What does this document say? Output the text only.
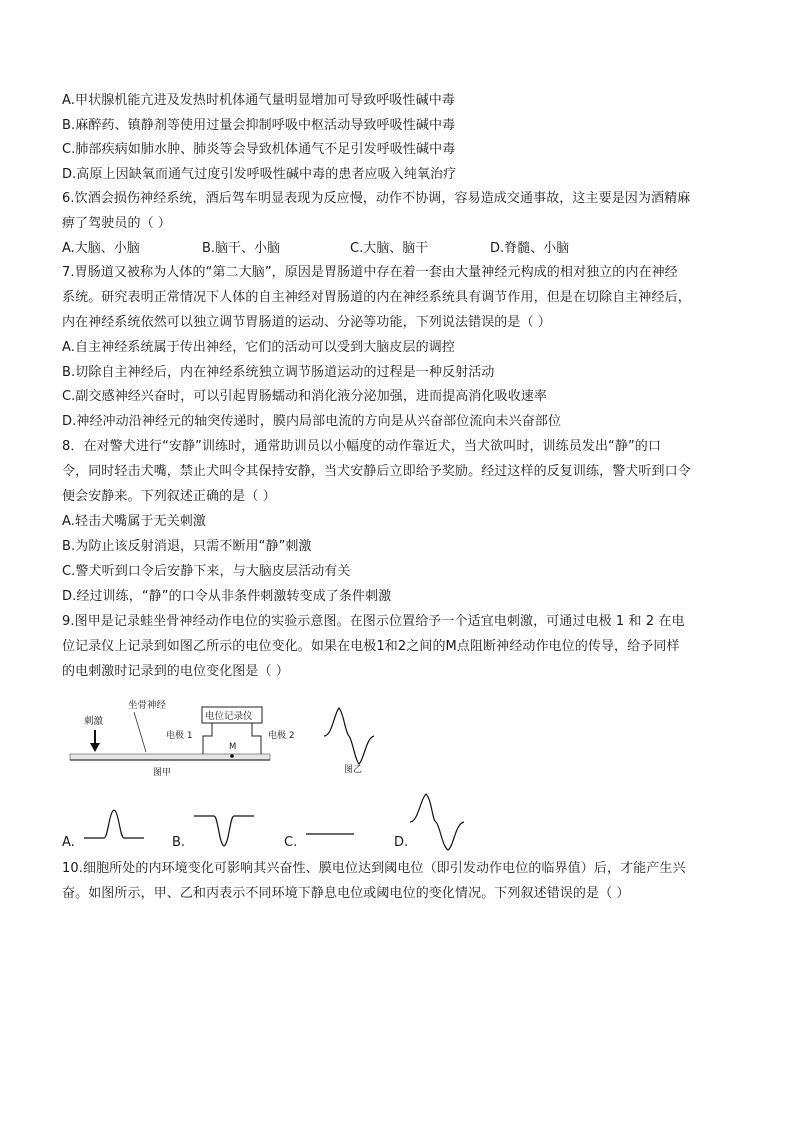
A.甲状腺机能亢进及发热时机体通气量明显增加可导致呼吸性碱中毒
B.麻醉药、镇静剂等使用过量会抑制呼吸中枢活动导致呼吸性碱中毒
C.肺部疾病如肺水肿、肺炎等会导致机体通气不足引发呼吸性碱中毒
D.高原上因缺氧而通气过度引发呼吸性碱中毒的患者应吸入纯氧治疗
6.饮酒会损伤神经系统，酒后驾车明显表现为反应慢，动作不协调，容易造成交通事故，这主要是因为酒精麻
痹了驾驶员的（ ）
A.大脑、小脑	B.脑干、小脑	C.大脑、脑干	D.脊髓、小脑
7.胃肠道又被称为人体的“第二大脑”，原因是胃肠道中存在着一套由大量神经元构成的相对独立的内在神经
系统。研究表明正常情况下人体的自主神经对胃肠道的内在神经系统具有调节作用，但是在切除自主神经后，
内在神经系统依然可以独立调节胃肠道的运动、分泌等功能，下列说法错误的是（ ）
A.自主神经系统属于传出神经，它们的活动可以受到大脑皮层的调控
B.切除自主神经后，内在神经系统独立调节肠道运动的过程是一种反射活动
C.副交感神经兴奋时，可以引起胃肠蠕动和消化液分泌加强，进而提高消化吸收速率
D.神经冲动沿神经元的轴突传递时，膜内局部电流的方向是从兴奋部位流向未兴奋部位
8．在对警犬进行“安静”训练时，通常助训员以小幅度的动作靠近犬，当犬欲叫时，训练员发出“静”的口
令，同时轻击犬嘴，禁止犬叫令其保持安静，当犬安静后立即给予奖励。经过这样的反复训练，警犬听到口令
便会安静来。下列叙述正确的是（ ）
A.轻击犬嘴属于无关刺激
B.为防止该反射消退，只需不断用“静”刺激
C.警犬听到口令后安静下来，与大脑皮层活动有关
D.经过训练，“静”的口令从非条件刺激转变成了条件刺激
9.图甲是记录蛙坐骨神经动作电位的实验示意图。在图示位置给予一个适宜电刺激，可通过电极 1 和 2 在电
位记录仪上记录到如图乙所示的电位变化。如果在电极1和2之间的M点阻断神经动作电位的传导，给予同样
的电刺激时记录到的电位变化图是（ ）
坐骨神经
刺激	电位记录仪
电极 1	电极 2
M
图甲	图乙
A.	B.	C.	D.
10.细胞所处的内环境变化可影响其兴奋性、膜电位达到阈电位（即引发动作电位的临界值）后，才能产生兴
奋。如图所示，甲、乙和丙表示不同环境下静息电位或阈电位的变化情况。下列叙述错误的是（ ）
